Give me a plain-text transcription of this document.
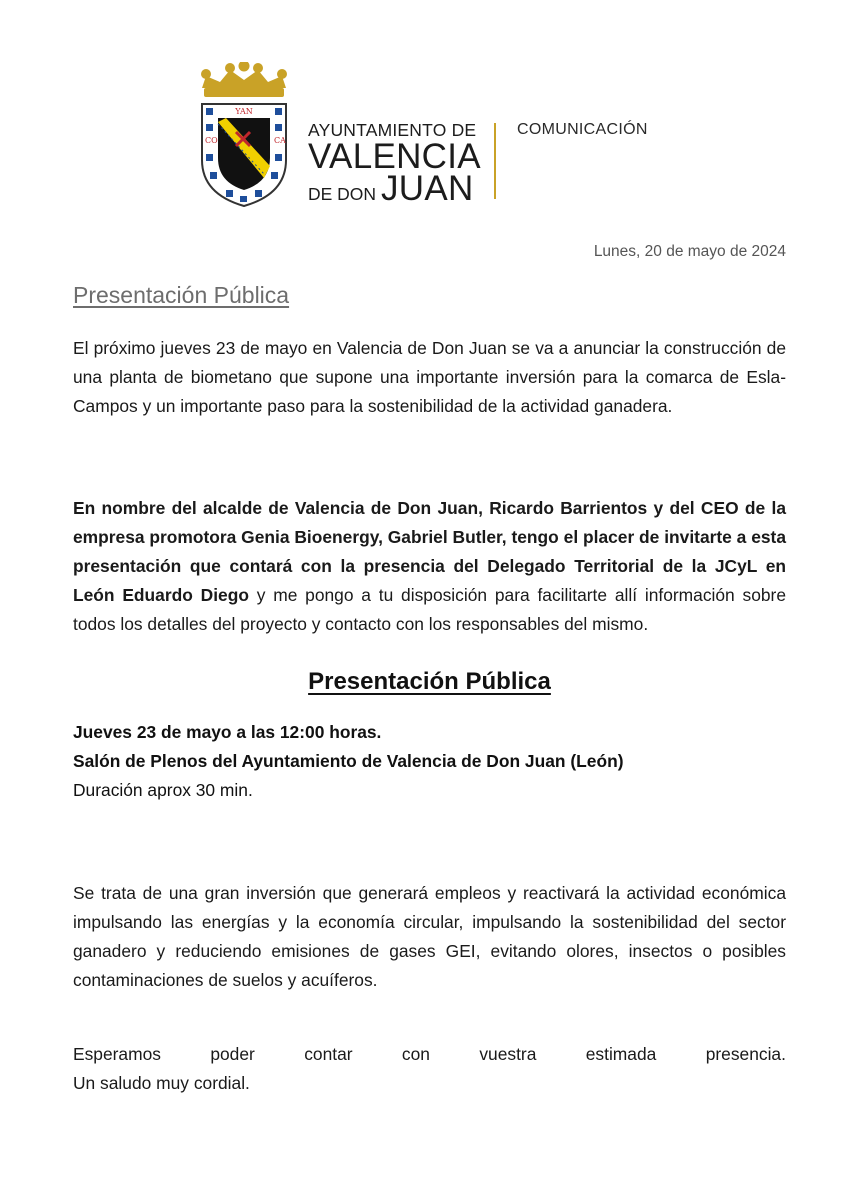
YAN
CO	CA
AYUNTAMIENTO DE
VALENCIA
DE DON JUAN
COMUNICACIÓN
Lunes, 20 de mayo de 2024
Presentación Pública
El próximo jueves 23 de mayo en Valencia de Don Juan se va a anunciar la construcción de una planta de biometano que supone una importante inversión para la comarca de Esla- Campos y un importante paso para la sostenibilidad de la actividad ganadera.
En nombre del alcalde de Valencia de Don Juan, Ricardo Barrientos y del CEO de la empresa promotora Genia Bioenergy, Gabriel Butler, tengo el placer de invitarte a esta presentación que contará con la presencia del Delegado Territorial de la JCyL en León Eduardo Diego y me pongo a tu disposición para facilitarte allí información sobre todos los detalles del proyecto y contacto con los responsables del mismo.
Presentación Pública
Jueves 23 de mayo a las 12:00 horas.
Salón de Plenos del Ayuntamiento de Valencia de Don Juan (León)
Duración aprox 30 min.
Se trata de una gran inversión que generará empleos y reactivará la actividad económica impulsando las energías y la economía circular, impulsando la sostenibilidad del sector ganadero y reduciendo emisiones de gases GEI, evitando olores, insectos o posibles contaminaciones de suelos y acuíferos.
Esperamos	poder	contar	con	vuestra	estimada	presencia.
Un saludo muy cordial.
